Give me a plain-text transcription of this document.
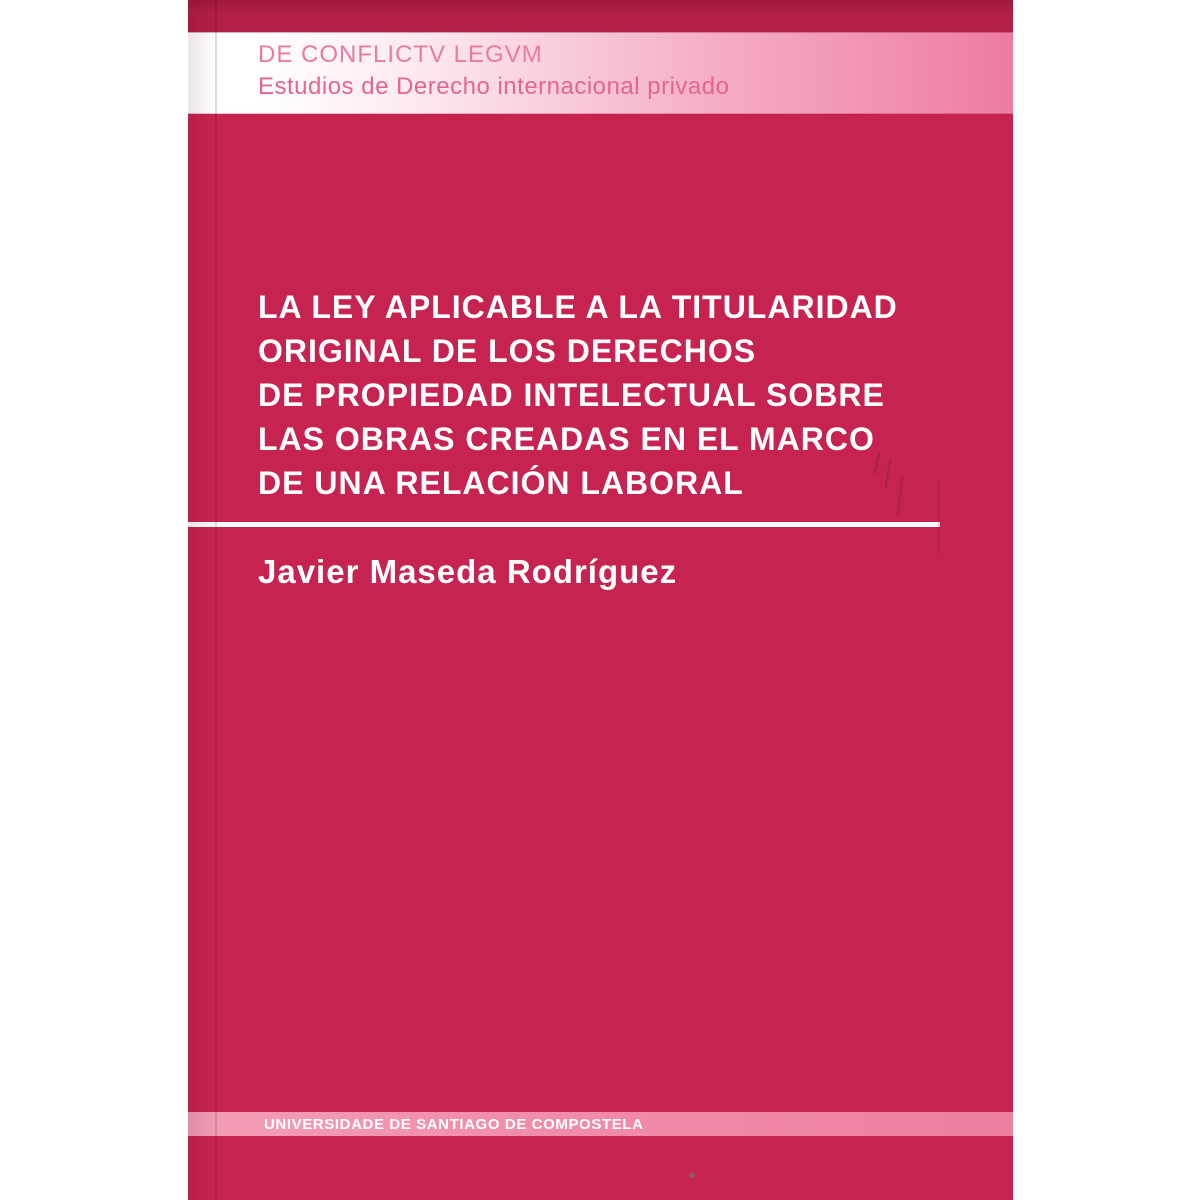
DE CONFLICTV LEGVM
Estudios de Derecho internacional privado
LA LEY APLICABLE A LA TITULARIDAD
ORIGINAL DE LOS DERECHOS
DE PROPIEDAD INTELECTUAL SOBRE
LAS OBRAS CREADAS EN EL MARCO
DE UNA RELACIÓN LABORAL
Javier Maseda Rodríguez
UNIVERSIDADE DE SANTIAGO DE COMPOSTELA
